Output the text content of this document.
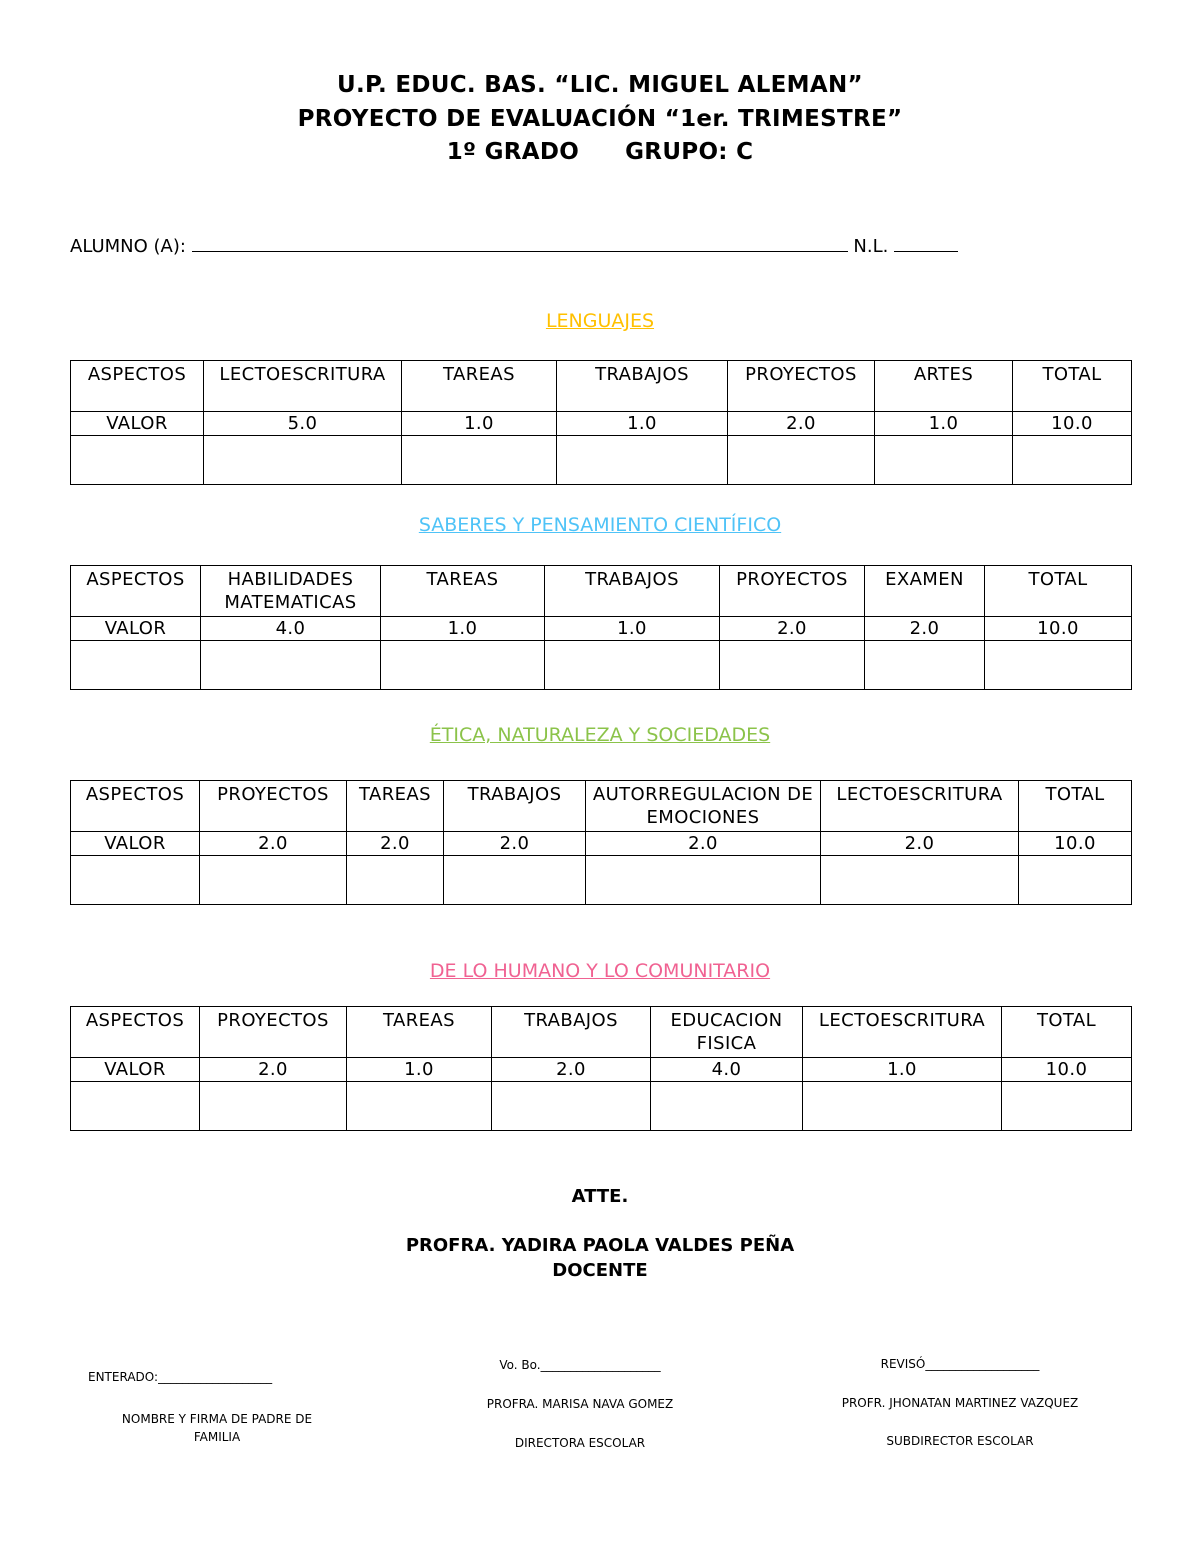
U.P. EDUC. BAS. “LIC. MIGUEL ALEMAN”
PROYECTO DE EVALUACIÓN “1er. TRIMESTRE”
1º GRADO GRUPO: C
ALUMNO (A):	N.L.
LENGUAJES
ASPECTOS	LECTOESCRITURA	TAREAS	TRABAJOS	PROYECTOS	ARTES	TOTAL
VALOR	5.0	1.0	1.0	2.0	1.0	10.0

SABERES Y PENSAMIENTO CIENTÍFICO
ASPECTOS	HABILIDADES MATEMATICAS	TAREAS	TRABAJOS	PROYECTOS	EXAMEN	TOTAL
VALOR	4.0	1.0	1.0	2.0	2.0	10.0

ÉTICA, NATURALEZA Y SOCIEDADES
ASPECTOS	PROYECTOS	TAREAS	TRABAJOS	AUTORREGULACION DE EMOCIONES	LECTOESCRITURA	TOTAL
VALOR	2.0	2.0	2.0	2.0	2.0	10.0

DE LO HUMANO Y LO COMUNITARIO
ASPECTOS	PROYECTOS	TAREAS	TRABAJOS	EDUCACION FISICA	LECTOESCRITURA	TOTAL
VALOR	2.0	1.0	2.0	4.0	1.0	10.0

ATTE.
PROFRA. YADIRA PAOLA VALDES PEÑA
DOCENTE
ENTERADO:___________________
NOMBRE Y FIRMA DE PADRE DE FAMILIA
Vo. Bo.____________________
PROFRA. MARISA NAVA GOMEZ
DIRECTORA ESCOLAR
REVISÓ___________________
PROFR. JHONATAN MARTINEZ VAZQUEZ
SUBDIRECTOR ESCOLAR
